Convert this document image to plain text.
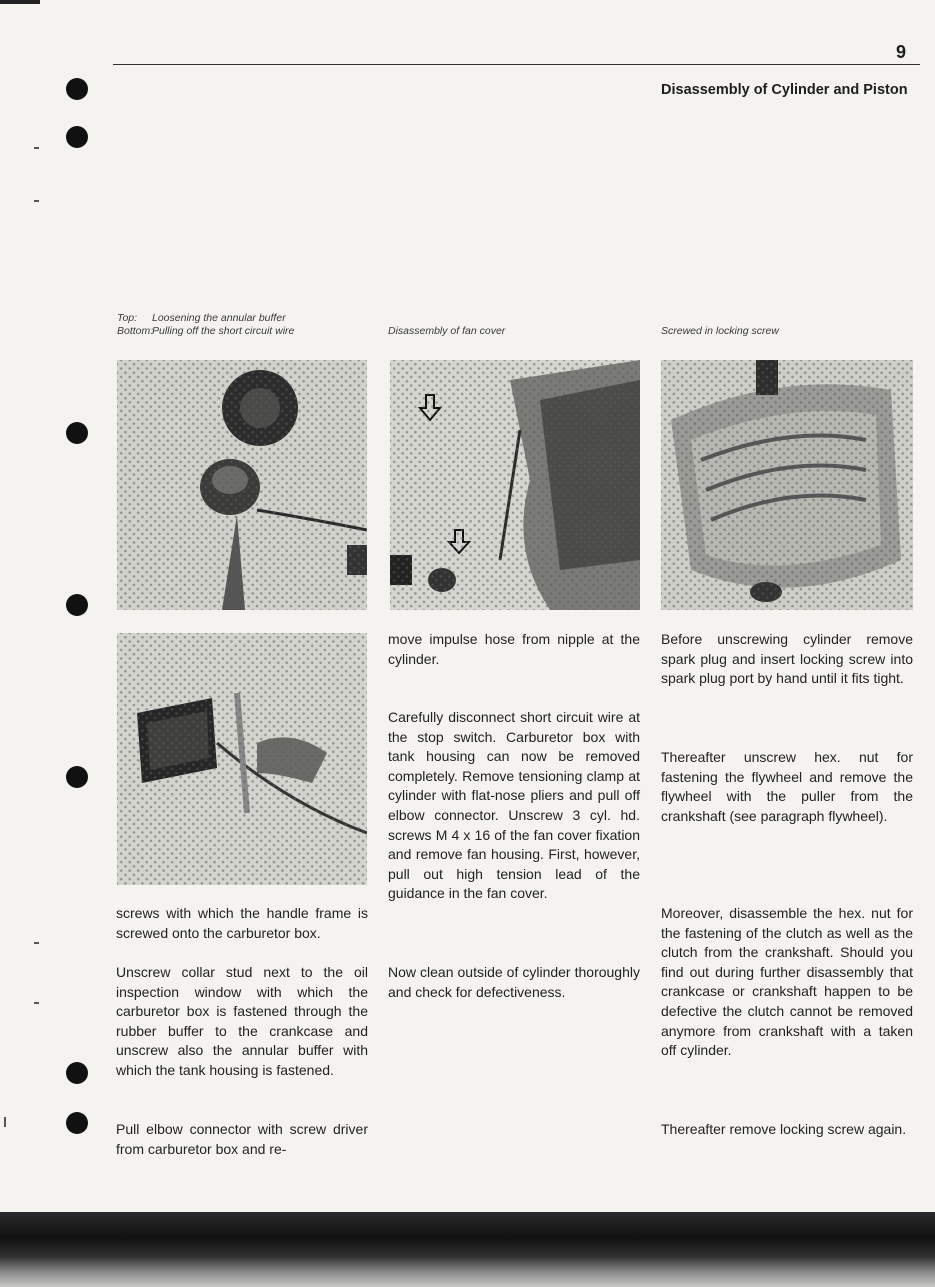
9
Disassembly of Cylinder and Piston
Top: Loosening the annular buffer
Bottom:Pulling off the short circuit wire	Disassembly of fan cover	Screwed in locking screw
screws with which the handle frame is screwed onto the carburetor box.
Unscrew collar stud next to the oil inspection window with which the carburetor box is fastened through the rubber buffer to the crankcase and unscrew also the annular buffer with which the tank housing is fastened.
Pull elbow connector with screw driver from carburetor box and re-
move impulse hose from nipple at the cylinder.
Carefully disconnect short circuit wire at the stop switch. Carburetor box with tank housing can now be removed completely. Remove tensioning clamp at cylinder with flat-nose pliers and pull off elbow connector. Unscrew 3 cyl. hd. screws M 4 x 16 of the fan cover fixation and remove fan housing. First, however, pull out high tension lead of the guidance in the fan cover.
Now clean outside of cylinder thoroughly and check for defectiveness.
Before unscrewing cylinder remove spark plug and insert locking screw into spark plug port by hand until it fits tight.
Thereafter unscrew hex. nut for fastening the flywheel and remove the flywheel with the puller from the crankshaft (see paragraph flywheel).
Moreover, disassemble the hex. nut for the fastening of the clutch as well as the clutch from the crankshaft. Should you find out during further disassembly that crankcase or crankshaft happen to be defective the clutch cannot be removed anymore from crankshaft with a taken off cylinder.
Thereafter remove locking screw again.
